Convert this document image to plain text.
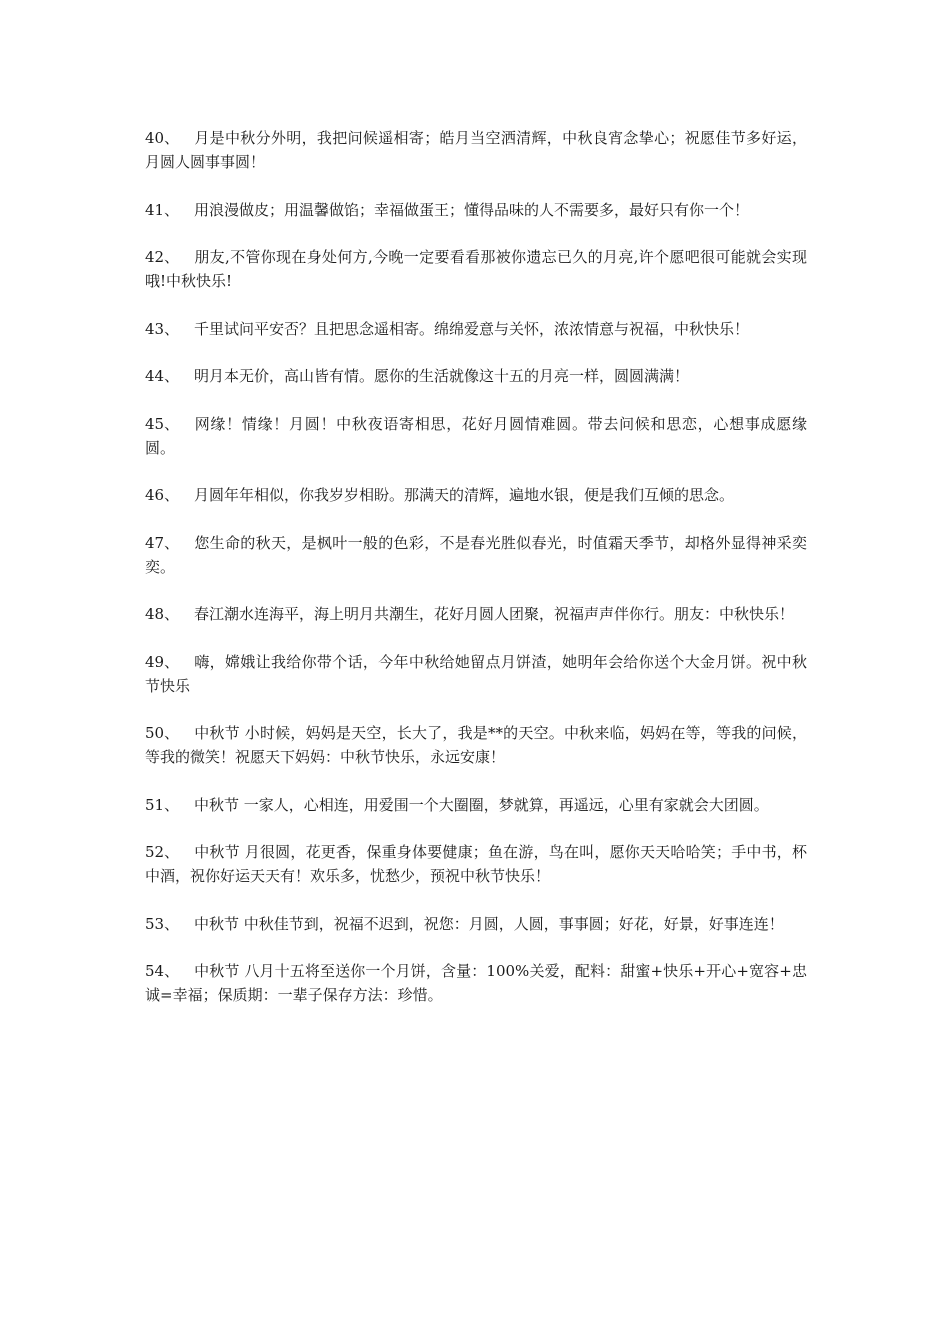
40、 月是中秋分外明，我把问候遥相寄；皓月当空洒清辉，中秋良宵念挚心；祝愿佳节多好运，月圆人圆事事圆！

41、 用浪漫做皮；用温馨做馅；幸福做蛋王；懂得品味的人不需要多，最好只有你一个！

42、 朋友,不管你现在身处何方,今晚一定要看看那被你遗忘已久的月亮,许个愿吧很可能就会实现哦!中秋快乐!

43、 千里试问平安否？且把思念遥相寄。绵绵爱意与关怀，浓浓情意与祝福，中秋快乐！

44、 明月本无价，高山皆有情。愿你的生活就像这十五的月亮一样，圆圆满满！

45、 网缘！情缘！月圆！中秋夜语寄相思，花好月圆情难圆。带去问候和思恋，心想事成愿缘圆。

46、 月圆年年相似，你我岁岁相盼。那满天的清辉，遍地水银，便是我们互倾的思念。

47、 您生命的秋天，是枫叶一般的色彩，不是春光胜似春光，时值霜天季节，却格外显得神采奕奕。

48、 春江潮水连海平，海上明月共潮生，花好月圆人团聚，祝福声声伴你行。朋友：中秋快乐！

49、 嗨，嫦娥让我给你带个话，今年中秋给她留点月饼渣，她明年会给你送个大金月饼。祝中秋节快乐

50、 中秋节 小时候，妈妈是天空，长大了，我是**的天空。中秋来临，妈妈在等，等我的问候，等我的微笑！祝愿天下妈妈：中秋节快乐，永远安康！

51、 中秋节 一家人，心相连，用爱围一个大圈圈，梦就算，再遥远，心里有家就会大团圆。

52、 中秋节 月很圆，花更香，保重身体要健康；鱼在游，鸟在叫，愿你天天哈哈笑；手中书，杯中酒，祝你好运天天有！欢乐多，忧愁少，预祝中秋节快乐！

53、 中秋节 中秋佳节到，祝福不迟到，祝您：月圆，人圆，事事圆；好花，好景，好事连连！

54、 中秋节 八月十五将至送你一个月饼，含量：100%关爱，配料：甜蜜+快乐+开心+宽容+忠诚=幸福；保质期：一辈子保存方法：珍惜。
